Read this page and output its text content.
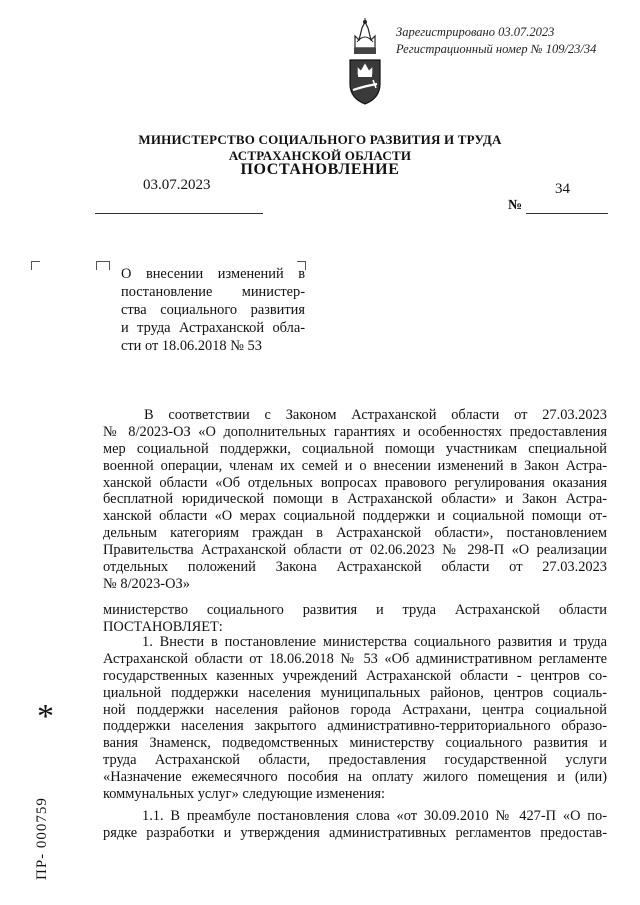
Зарегистрировано 03.07.2023
Регистрационный номер № 109/23/34
МИНИСТЕРСТВО СОЦИАЛЬНОГО РАЗВИТИЯ И ТРУДА
АСТРАХАНСКОЙ ОБЛАСТИ
ПОСТАНОВЛЕНИЕ
03.07.2023	34
№
О внесении изменений в
постановление министер-
ства социального развития
и труда Астраханской обла-
сти от 18.06.2018 № 53
В соответствии с Законом Астраханской области от 27.03.2023
№ 8/2023-ОЗ «О дополнительных гарантиях и особенностях предоставления
мер социальной поддержки, социальной помощи участникам специальной
военной операции, членам их семей и о внесении изменений в Закон Астра-
ханской области «Об отдельных вопросах правового регулирования оказания
бесплатной юридической помощи в Астраханской области» и Закон Астра-
ханской области «О мерах социальной поддержки и социальной помощи от-
дельным категориям граждан в Астраханской области», постановлением
Правительства Астраханской области от 02.06.2023 № 298-П «О реализации
отдельных положений Закона Астраханской области от 27.03.2023
№ 8/2023-ОЗ»
министерство социального развития и труда Астраханской области
ПОСТАНОВЛЯЕТ:
1. Внести в постановление министерства социального развития и труда
Астраханской области от 18.06.2018 № 53 «Об административном регламенте
государственных казенных учреждений Астраханской области - центров со-
циальной поддержки населения муниципальных районов, центров социаль-
ной поддержки населения районов города Астрахани, центра социальной
поддержки населения закрытого административно-территориального образо-
вания Знаменск, подведомственных министерству социального развития и
труда Астраханской области, предоставления государственной услуги
«Назначение ежемесячного пособия на оплату жилого помещения и (или)
коммунальных услуг» следующие изменения:
1.1. В преамбуле постановления слова «от 30.09.2010 № 427-П «О по-
рядке разработки и утверждения административных регламентов предостав-
*
ПР- 000759
